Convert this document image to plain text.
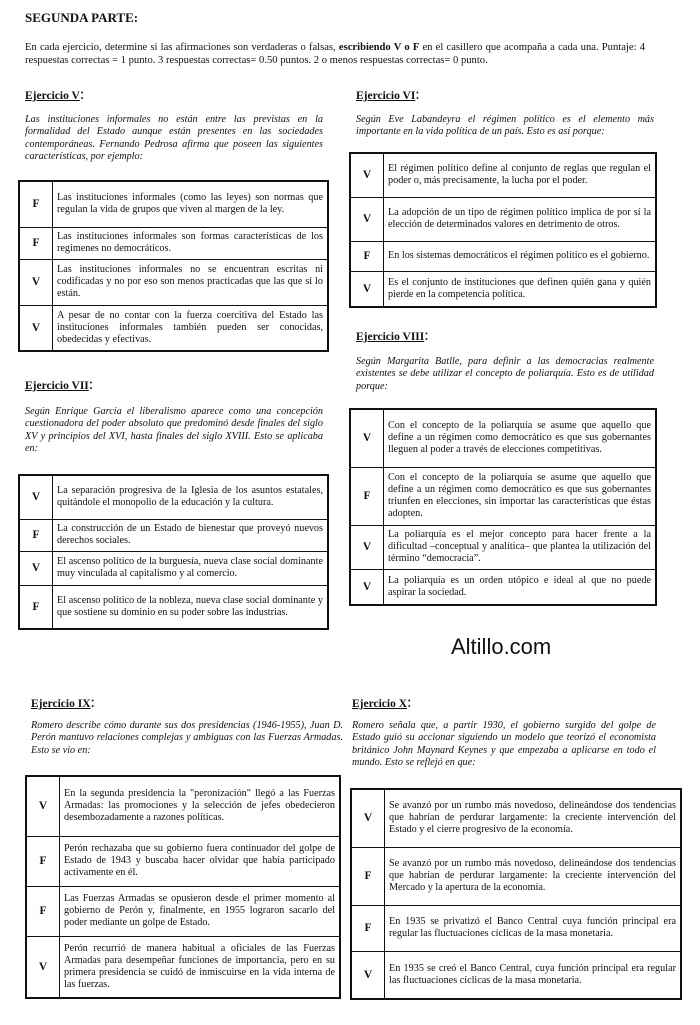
SEGUNDA PARTE:
En cada ejercicio, determine si las afirmaciones son verdaderas o falsas, escribiendo V o F en el casillero que acompaña a cada una. Puntaje: 4 respuestas correctas = 1 punto. 3 respuestas correctas= 0.50 puntos. 2 o menos respuestas correctas= 0 punto.
Ejercicio V:
Las instituciones informales no están entre las previstas en la formalidad del Estado aunque están presentes en las sociedades contemporáneas. Fernando Pedrosa afirma que poseen las siguientes características, por ejemplo:
F	Las instituciones informales (como las leyes) son normas que regulan la vida de grupos que viven al margen de la ley.
F	Las instituciones informales son formas características de los regimenes no democráticos.
V	Las instituciones informales no se encuentran escritas ni codificadas y no por eso son menos practicadas que las que sí lo están.
V	A pesar de no contar con la fuerza coercitiva del Estado las instituciones informales también pueden ser conocidas, obedecidas y efectivas.
Ejercicio VI:
Según Eve Labandeyra el régimen político es el elemento más importante en la vida política de un país. Esto es así porque:
V	El régimen político define al conjunto de reglas que regulan el poder o, más precisamente, la lucha por el poder.
V	La adopción de un tipo de régimen político implica de por sí la elección de determinados valores en detrimento de otros.
F	En los sistemas democráticos el régimen político es el gobierno.
V	Es el conjunto de instituciones que definen quién gana y quién pierde en la competencia política.
Ejercicio VII:
Según Enrique García el liberalismo aparece como una concepción cuestionadora del poder absoluto que predominó desde finales del siglo XV y principios del XVI, hasta finales del siglo XVIII. Esto se aplicaba en:
V	La separación progresiva de la Iglesia de los asuntos estatales, quitándole el monopolio de la educación y la cultura.
F	La construcción de un Estado de bienestar que proveyó nuevos derechos sociales.
V	El ascenso político de la burguesía, nueva clase social dominante muy vinculada al capitalismo y al comercio.
F	El ascenso político de la nobleza, nueva clase social dominante y que sostiene su dominio en su poder sobre las industrias.
Ejercicio VIII:
Según Margarita Batlle, para definir a las democracias realmente existentes se debe utilizar el concepto de poliarquía. Esto es de utilidad porque:
V	Con el concepto de la poliarquía se asume que aquello que define a un régimen como democrático es que sus gobernantes lleguen al poder a través de elecciones competitivas.
F	Con el concepto de la poliarquía se asume que aquello que define a un régimen como democrático es que sus gobernantes triunfen en elecciones, sin importar las características que éstas adopten.
V	La poliarquía es el mejor concepto para hacer frente a la dificultad –conceptual y analítica– que plantea la utilización del término “democracia”.
V	La poliarquía es un orden utópico e ideal al que no puede aspirar la sociedad.
Altillo.com
Ejercicio IX:
Romero describe cómo durante sus dos presidencias (1946-1955), Juan D. Perón mantuvo relaciones complejas y ambiguas con las Fuerzas Armadas. Esto se vio en:
V	En la segunda presidencia la "peronización" llegó a las Fuerzas Armadas: las promociones y la selección de jefes obedecieron desembozadamente a razones políticas.
F	Perón rechazaba que su gobierno fuera continuador del golpe de Estado de 1943 y buscaba hacer olvidar que había participado activamente en él.
F	Las Fuerzas Armadas se opusieron desde el primer momento al gobierno de Perón y, finalmente, en 1955 lograron sacarlo del poder mediante un golpe de Estado.
V	Perón recurrió de manera habitual a oficiales de las Fuerzas Armadas para desempeñar funciones de importancia, pero en su primera presidencia se cuidó de inmiscuirse en la vida interna de las fuerzas.
Ejercicio X:
Romero señala que, a partir 1930, el gobierno surgido del golpe de Estado guió su accionar siguiendo un modelo que teorizó el economista británico John Maynard Keynes y que empezaba a aplicarse en todo el mundo. Esto se reflejó en que:
V	Se avanzó por un rumbo más novedoso, delineándose dos tendencias que habrían de perdurar largamente: la creciente intervención del Estado y el cierre progresivo de la economía.
F	Se avanzó por un rumbo más novedoso, delineándose dos tendencias que habrían de perdurar largamente: la creciente intervención del Mercado y la apertura de la economía.
F	En 1935 se privatizó el Banco Central cuya función principal era regular las fluctuaciones cíclicas de la masa monetaria.
V	En 1935 se creó el Banco Central, cuya función principal era regular las fluctuaciones cíclicas de la masa monetaria.
